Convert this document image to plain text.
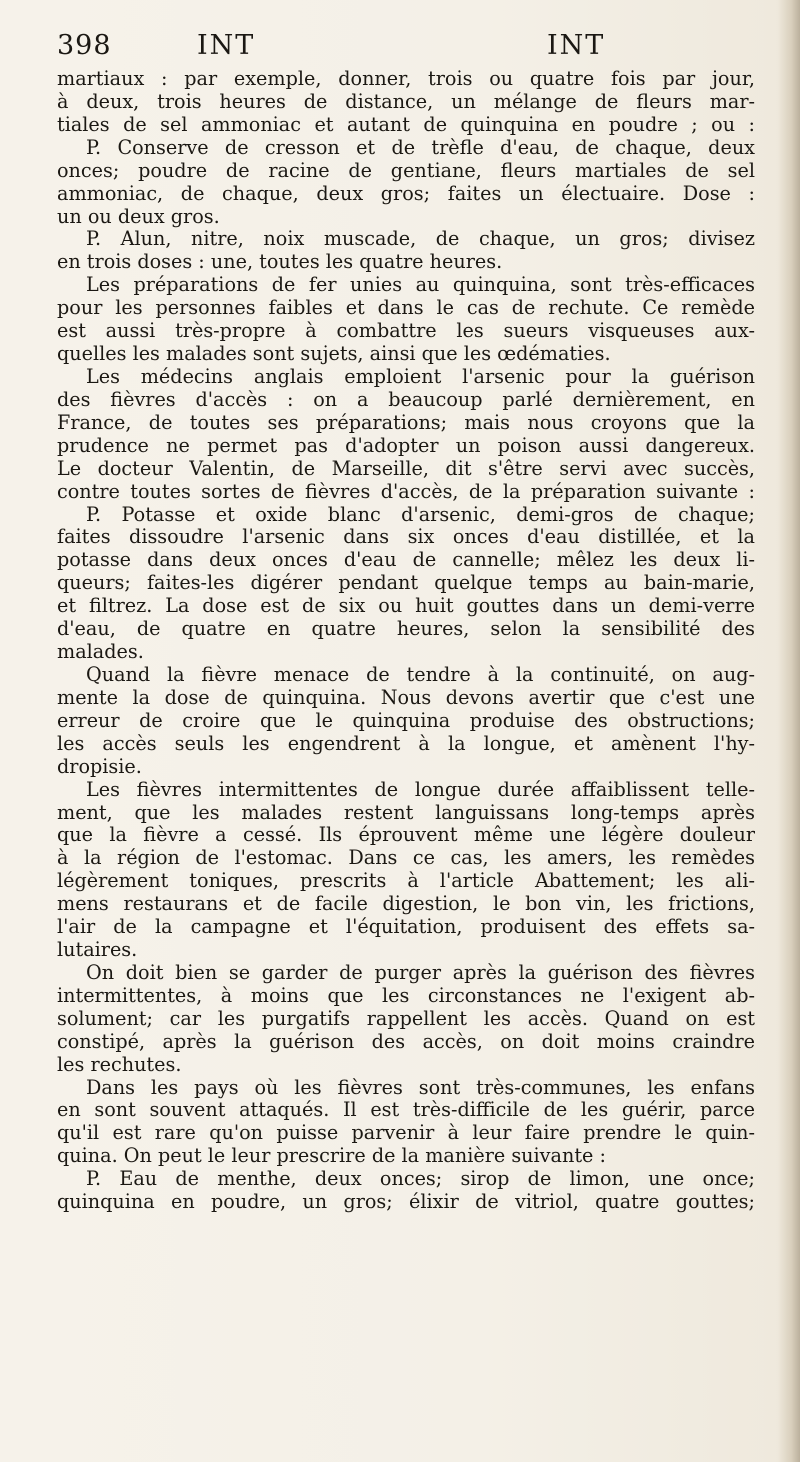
398	INT	INT
martiaux : par exemple, donner, trois ou quatre fois par jour,
à deux, trois heures de distance, un mélange de fleurs mar-
tiales de sel ammoniac et autant de quinquina en poudre ; ou :
P. Conserve de cresson et de trèfle d'eau, de chaque, deux
onces; poudre de racine de gentiane, fleurs martiales de sel
ammoniac, de chaque, deux gros; faites un électuaire. Dose :
un ou deux gros.
P. Alun, nitre, noix muscade, de chaque, un gros; divisez
en trois doses : une, toutes les quatre heures.
Les préparations de fer unies au quinquina, sont très-efficaces
pour les personnes faibles et dans le cas de rechute. Ce remède
est aussi très-propre à combattre les sueurs visqueuses aux-
quelles les malades sont sujets, ainsi que les œdématies.
Les médecins anglais emploient l'arsenic pour la guérison
des fièvres d'accès : on a beaucoup parlé dernièrement, en
France, de toutes ses préparations; mais nous croyons que la
prudence ne permet pas d'adopter un poison aussi dangereux.
Le docteur Valentin, de Marseille, dit s'être servi avec succès,
contre toutes sortes de fièvres d'accès, de la préparation suivante :
P. Potasse et oxide blanc d'arsenic, demi-gros de chaque;
faites dissoudre l'arsenic dans six onces d'eau distillée, et la
potasse dans deux onces d'eau de cannelle; mêlez les deux li-
queurs; faites-les digérer pendant quelque temps au bain-marie,
et filtrez. La dose est de six ou huit gouttes dans un demi-verre
d'eau, de quatre en quatre heures, selon la sensibilité des
malades.
Quand la fièvre menace de tendre à la continuité, on aug-
mente la dose de quinquina. Nous devons avertir que c'est une
erreur de croire que le quinquina produise des obstructions;
les accès seuls les engendrent à la longue, et amènent l'hy-
dropisie.
Les fièvres intermittentes de longue durée affaiblissent telle-
ment, que les malades restent languissans long-temps après
que la fièvre a cessé. Ils éprouvent même une légère douleur
à la région de l'estomac. Dans ce cas, les amers, les remèdes
légèrement toniques, prescrits à l'article Abattement; les ali-
mens restaurans et de facile digestion, le bon vin, les frictions,
l'air de la campagne et l'équitation, produisent des effets sa-
lutaires.
On doit bien se garder de purger après la guérison des fièvres
intermittentes, à moins que les circonstances ne l'exigent ab-
solument; car les purgatifs rappellent les accès. Quand on est
constipé, après la guérison des accès, on doit moins craindre
les rechutes.
Dans les pays où les fièvres sont très-communes, les enfans
en sont souvent attaqués. Il est très-difficile de les guérir, parce
qu'il est rare qu'on puisse parvenir à leur faire prendre le quin-
quina. On peut le leur prescrire de la manière suivante :
P. Eau de menthe, deux onces; sirop de limon, une once;
quinquina en poudre, un gros; élixir de vitriol, quatre gouttes;
